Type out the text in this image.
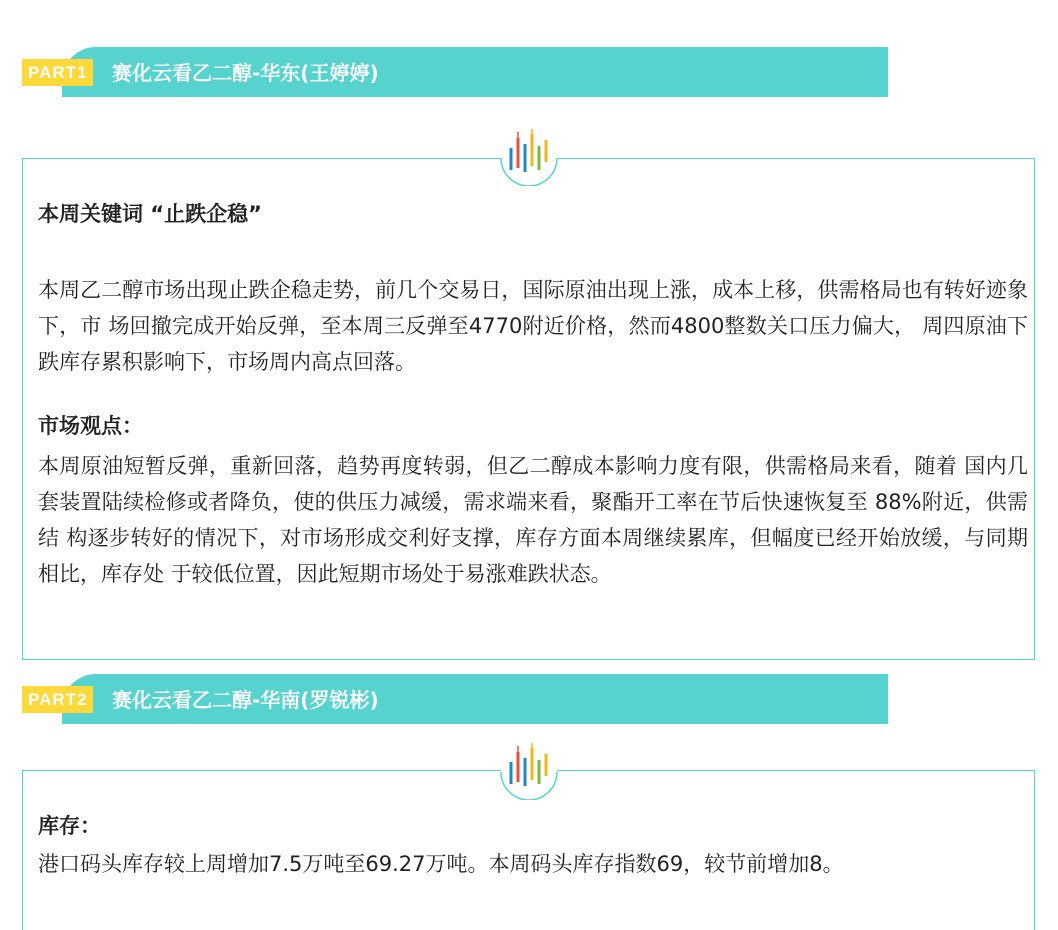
PART1	赛化云看乙二醇-华东(王婷婷)
本周关键词 “止跌企稳”
本周乙二醇市场出现止跌企稳走势，前几个交易日，国际原油出现上涨，成本上移，供需格局也有转好迹象下，市 场回撤完成开始反弹，至本周三反弹至4770附近价格，然而4800整数关口压力偏大， 周四原油下跌库存累积影响下，市场周内高点回落。
市场观点：
本周原油短暂反弹，重新回落，趋势再度转弱，但乙二醇成本影响力度有限，供需格局来看，随着 国内几套装置陆续检修或者降负，使的供压力减缓，需求端来看，聚酯开工率在节后快速恢复至 88%附近，供需结 构逐步转好的情况下，对市场形成交利好支撑，库存方面本周继续累库，但幅度已经开始放缓，与同期相比，库存处 于较低位置，因此短期市场处于易涨难跌状态。
PART2	赛化云看乙二醇-华南(罗锐彬)
库存：
港口码头库存较上周增加7.5万吨至69.27万吨。本周码头库存指数69，较节前增加8。
